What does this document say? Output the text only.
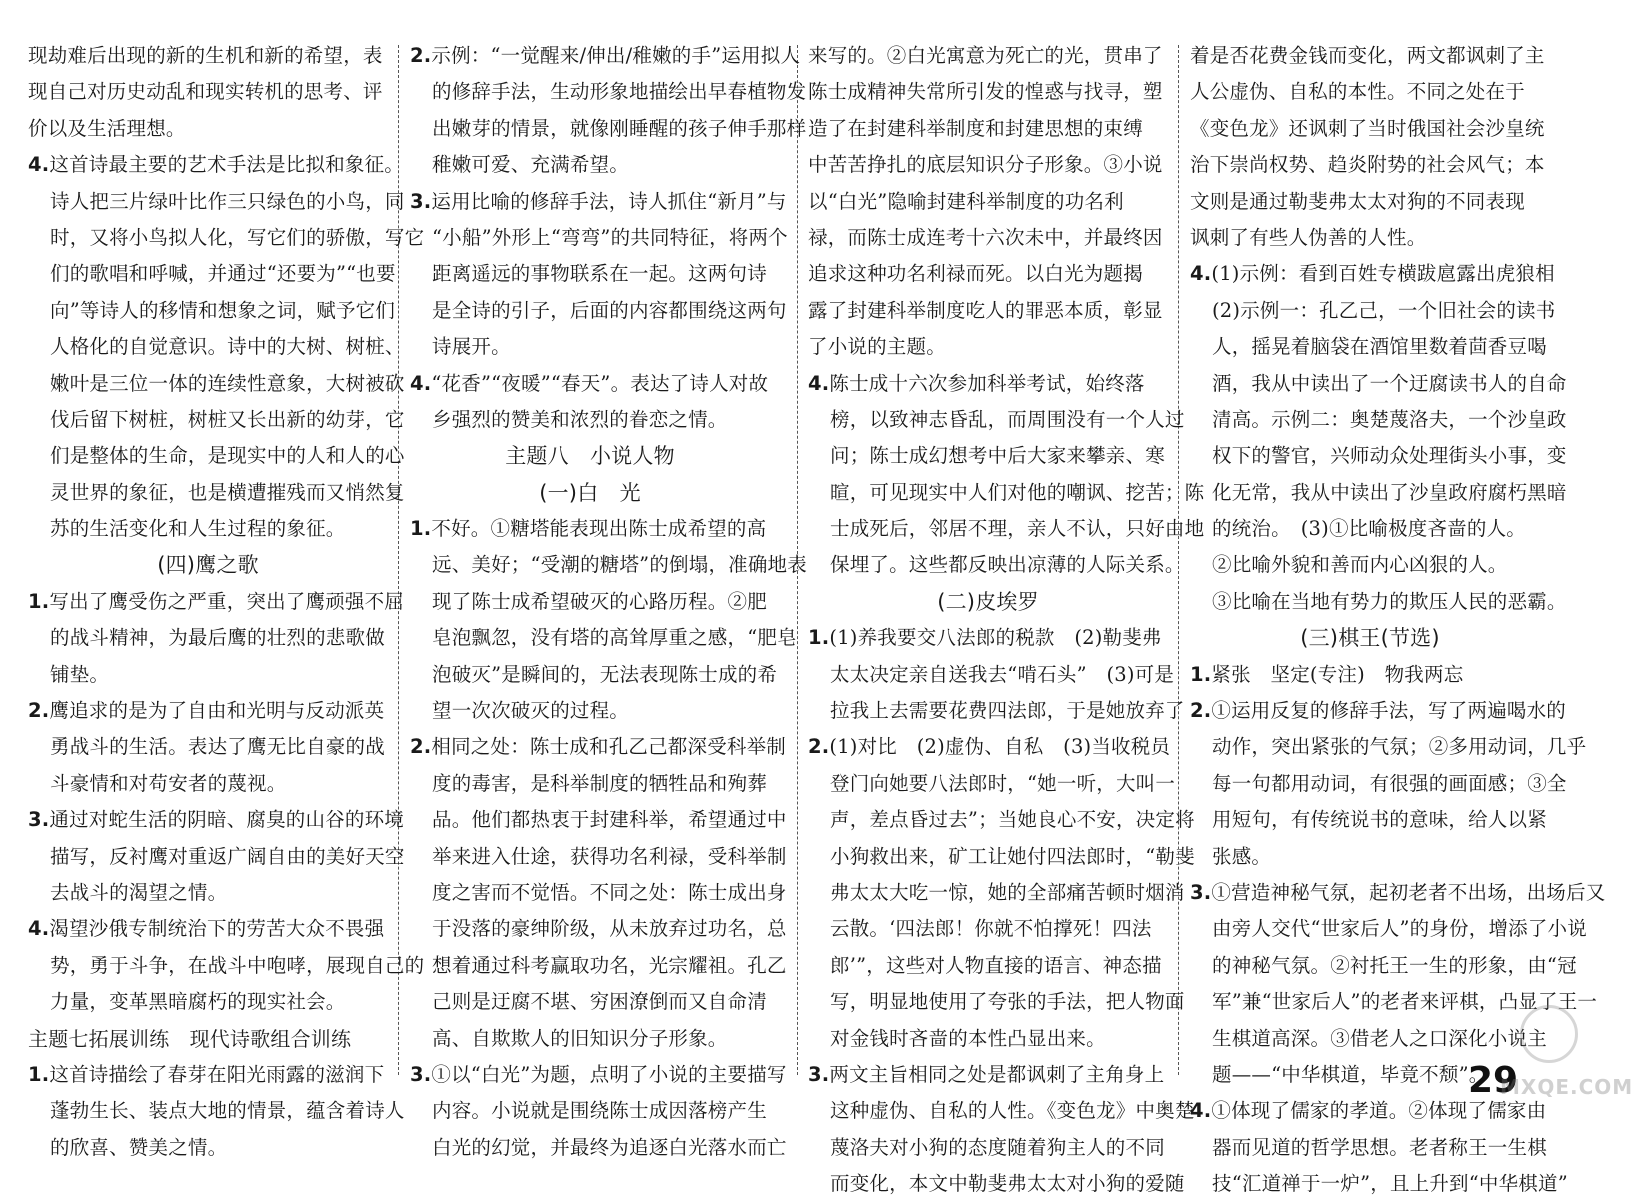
现劫难后出现的新的生机和新的希望，表
现自己对历史动乱和现实转机的思考、评
价以及生活理想。
4.这首诗最主要的艺术手法是比拟和象征。
诗人把三片绿叶比作三只绿色的小鸟，同
时，又将小鸟拟人化，写它们的骄傲，写它
们的歌唱和呼喊，并通过“还要为”“也要
向”等诗人的移情和想象之词，赋予它们
人格化的自觉意识。诗中的大树、树桩、
嫩叶是三位一体的连续性意象，大树被砍
伐后留下树桩，树桩又长出新的幼芽，它
们是整体的生命，是现实中的人和人的心
灵世界的象征，也是横遭摧残而又悄然复
苏的生活变化和人生过程的象征。
(四)鹰之歌
1.写出了鹰受伤之严重，突出了鹰顽强不屈
的战斗精神，为最后鹰的壮烈的悲歌做
铺垫。
2.鹰追求的是为了自由和光明与反动派英
勇战斗的生活。表达了鹰无比自豪的战
斗豪情和对苟安者的蔑视。
3.通过对蛇生活的阴暗、腐臭的山谷的环境
描写，反衬鹰对重返广阔自由的美好天空
去战斗的渴望之情。
4.渴望沙俄专制统治下的劳苦大众不畏强
势，勇于斗争，在战斗中咆哮，展现自己的
力量，变革黑暗腐朽的现实社会。
主题七拓展训练　现代诗歌组合训练
1.这首诗描绘了春芽在阳光雨露的滋润下
蓬勃生长、装点大地的情景，蕴含着诗人
的欣喜、赞美之情。
2.示例：“一觉醒来/伸出/稚嫩的手”运用拟人
的修辞手法，生动形象地描绘出早春植物发
出嫩芽的情景，就像刚睡醒的孩子伸手那样
稚嫩可爱、充满希望。
3.运用比喻的修辞手法，诗人抓住“新月”与
“小船”外形上“弯弯”的共同特征，将两个
距离遥远的事物联系在一起。这两句诗
是全诗的引子，后面的内容都围绕这两句
诗展开。
4.“花香”“夜暖”“春天”。表达了诗人对故
乡强烈的赞美和浓烈的眷恋之情。
主题八　小说人物
(一)白　光
1.不好。①糖塔能表现出陈士成希望的高
远、美好；“受潮的糖塔”的倒塌，准确地表
现了陈士成希望破灭的心路历程。②肥
皂泡飘忽，没有塔的高耸厚重之感，“肥皂
泡破灭”是瞬间的，无法表现陈士成的希
望一次次破灭的过程。
2.相同之处：陈士成和孔乙己都深受科举制
度的毒害，是科举制度的牺牲品和殉葬
品。他们都热衷于封建科举，希望通过中
举来进入仕途，获得功名利禄，受科举制
度之害而不觉悟。不同之处：陈士成出身
于没落的豪绅阶级，从未放弃过功名，总
想着通过科考赢取功名，光宗耀祖。孔乙
己则是迂腐不堪、穷困潦倒而又自命清
高、自欺欺人的旧知识分子形象。
3.①以“白光”为题，点明了小说的主要描写
内容。小说就是围绕陈士成因落榜产生
白光的幻觉，并最终为追逐白光落水而亡
来写的。②白光寓意为死亡的光，贯串了
陈士成精神失常所引发的惶惑与找寻，塑
造了在封建科举制度和封建思想的束缚
中苦苦挣扎的底层知识分子形象。③小说
以“白光”隐喻封建科举制度的功名利
禄，而陈士成连考十六次未中，并最终因
追求这种功名利禄而死。以白光为题揭
露了封建科举制度吃人的罪恶本质，彰显
了小说的主题。
4.陈士成十六次参加科举考试，始终落
榜，以致神志昏乱，而周围没有一个人过
问；陈士成幻想考中后大家来攀亲、寒
暄，可见现实中人们对他的嘲讽、挖苦；陈
士成死后，邻居不理，亲人不认，只好由地
保埋了。这些都反映出凉薄的人际关系。
(二)皮埃罗
1.(1)养我要交八法郎的税款　(2)勒斐弗
太太决定亲自送我去“啃石头”　(3)可是
拉我上去需要花费四法郎，于是她放弃了
2.(1)对比　(2)虚伪、自私　(3)当收税员
登门向她要八法郎时，“她一听，大叫一
声，差点昏过去”；当她良心不安，决定将
小狗救出来，矿工让她付四法郎时，“勒斐
弗太太大吃一惊，她的全部痛苦顿时烟消
云散。‘四法郎！你就不怕撑死！四法
郎’”，这些对人物直接的语言、神态描
写，明显地使用了夸张的手法，把人物面
对金钱时吝啬的本性凸显出来。
3.两文主旨相同之处是都讽刺了主角身上
这种虚伪、自私的人性。《变色龙》中奥楚
蔑洛夫对小狗的态度随着狗主人的不同
而变化，本文中勒斐弗太太对小狗的爱随
着是否花费金钱而变化，两文都讽刺了主
人公虚伪、自私的本性。不同之处在于
《变色龙》还讽刺了当时俄国社会沙皇统
治下崇尚权势、趋炎附势的社会风气；本
文则是通过勒斐弗太太对狗的不同表现
讽刺了有些人伪善的人性。
4.(1)示例：看到百姓专横跋扈露出虎狼相
(2)示例一：孔乙己，一个旧社会的读书
人，摇晃着脑袋在酒馆里数着茴香豆喝
酒，我从中读出了一个迂腐读书人的自命
清高。示例二：奥楚蔑洛夫，一个沙皇政
权下的警官，兴师动众处理街头小事，变
化无常，我从中读出了沙皇政府腐朽黑暗
的统治。　(3)①比喻极度吝啬的人。
②比喻外貌和善而内心凶狠的人。
③比喻在当地有势力的欺压人民的恶霸。
(三)棋王(节选)
1.紧张　坚定(专注)　物我两忘
2.①运用反复的修辞手法，写了两遍喝水的
动作，突出紧张的气氛；②多用动词，几乎
每一句都用动词，有很强的画面感；③全
用短句，有传统说书的意味，给人以紧
张感。
3.①营造神秘气氛，起初老者不出场，出场后又
由旁人交代“世家后人”的身份，增添了小说
的神秘气氛。②衬托王一生的形象，由“冠
军”兼“世家后人”的老者来评棋，凸显了王一
生棋道高深。③借老人之口深化小说主
题——“中华棋道，毕竟不颓”。
4.①体现了儒家的孝道。②体现了儒家由
器而见道的哲学思想。老者称王一生棋
技“汇道禅于一炉”，且上升到“中华棋道”
29
MXQE.COM
